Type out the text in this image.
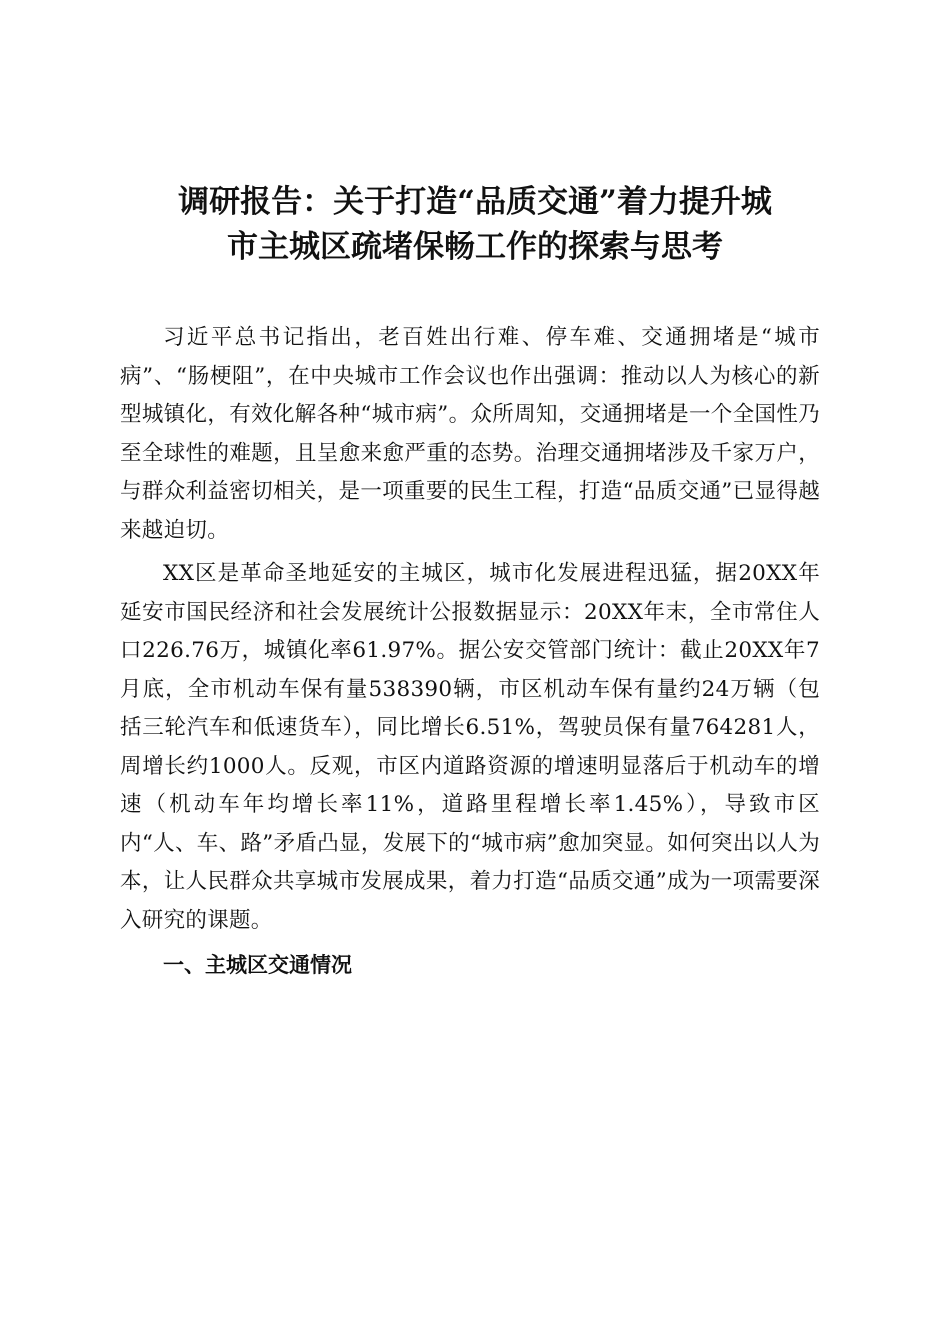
调研报告：关于打造“品质交通”着力提升城
市主城区疏堵保畅工作的探索与思考

习近平总书记指出，老百姓出行难、停车难、交通拥堵是“城市病”、“肠梗阻”，在中央城市工作会议也作出强调：推动以人为核心的新型城镇化，有效化解各种“城市病”。众所周知，交通拥堵是一个全国性乃至全球性的难题，且呈愈来愈严重的态势。治理交通拥堵涉及千家万户，与群众利益密切相关，是一项重要的民生工程，打造“品质交通”已显得越来越迫切。

XX区是革命圣地延安的主城区，城市化发展进程迅猛，据20XX年延安市国民经济和社会发展统计公报数据显示：20XX年末，全市常住人口226.76万，城镇化率61.97%。据公安交管部门统计：截止20XX年7月底，全市机动车保有量538390辆，市区机动车保有量约24万辆（包括三轮汽车和低速货车），同比增长6.51%，驾驶员保有量764281人，周增长约1000人。反观，市区内道路资源的增速明显落后于机动车的增速（机动车年均增长率11%，道路里程增长率1.45%），导致市区内“人、车、路”矛盾凸显，发展下的“城市病”愈加突显。如何突出以人为本，让人民群众共享城市发展成果，着力打造“品质交通”成为一项需要深入研究的课题。

一、主城区交通情况
